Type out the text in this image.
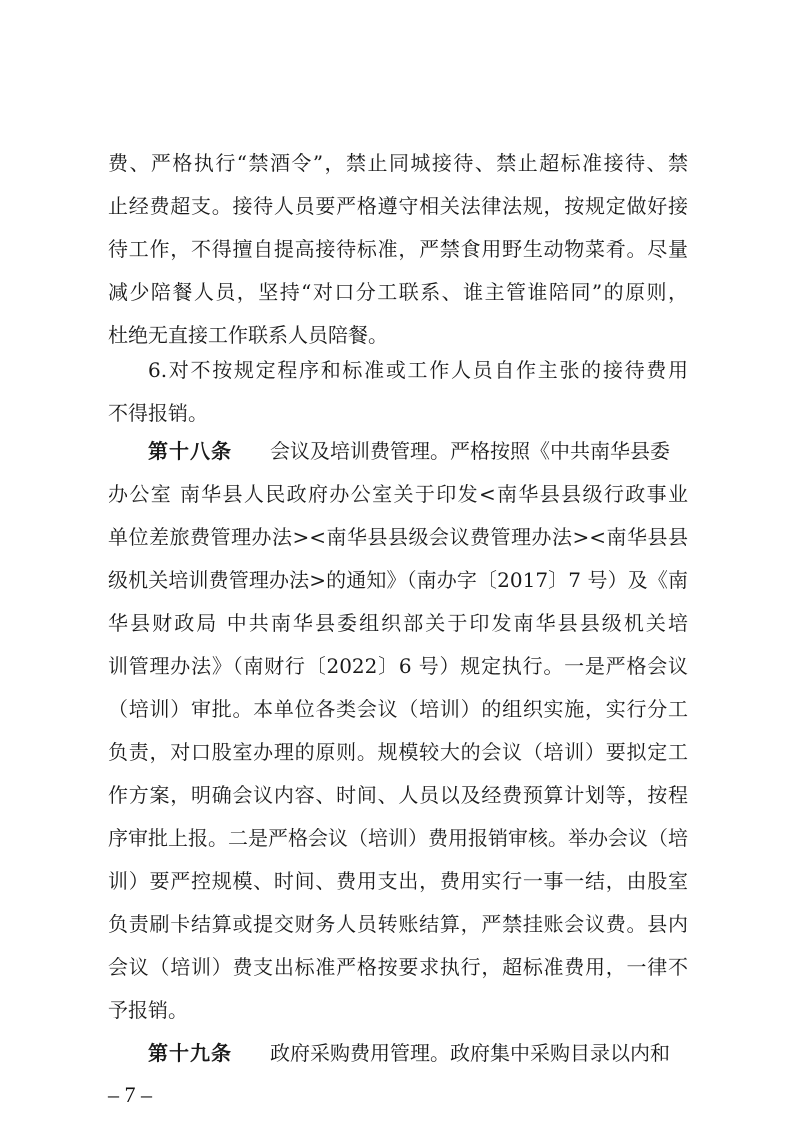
费、严格执行“禁酒令”，禁止同城接待、禁止超标准接待、禁
止经费超支。接待人员要严格遵守相关法律法规，按规定做好接
待工作，不得擅自提高接待标准，严禁食用野生动物菜肴。尽量
减少陪餐人员，坚持“对口分工联系、谁主管谁陪同”的原则，
杜绝无直接工作联系人员陪餐。
6.对不按规定程序和标准或工作人员自作主张的接待费用
不得报销。
第十八条 会议及培训费管理。严格按照《中共南华县委
办公室 南华县人民政府办公室关于印发<南华县县级行政事业
单位差旅费管理办法><南华县县级会议费管理办法><南华县县
级机关培训费管理办法>的通知》（南办字〔2017〕7 号）及《南
华县财政局 中共南华县委组织部关于印发南华县县级机关培
训管理办法》（南财行〔2022〕6 号）规定执行。一是严格会议
（培训）审批。本单位各类会议（培训）的组织实施，实行分工
负责，对口股室办理的原则。规模较大的会议（培训）要拟定工
作方案，明确会议内容、时间、人员以及经费预算计划等，按程
序审批上报。二是严格会议（培训）费用报销审核。举办会议（培
训）要严控规模、时间、费用支出，费用实行一事一结，由股室
负责刷卡结算或提交财务人员转账结算，严禁挂账会议费。县内
会议（培训）费支出标准严格按要求执行，超标准费用，一律不
予报销。
– 7 –
第十九条 政府采购费用管理。政府集中采购目录以内和
